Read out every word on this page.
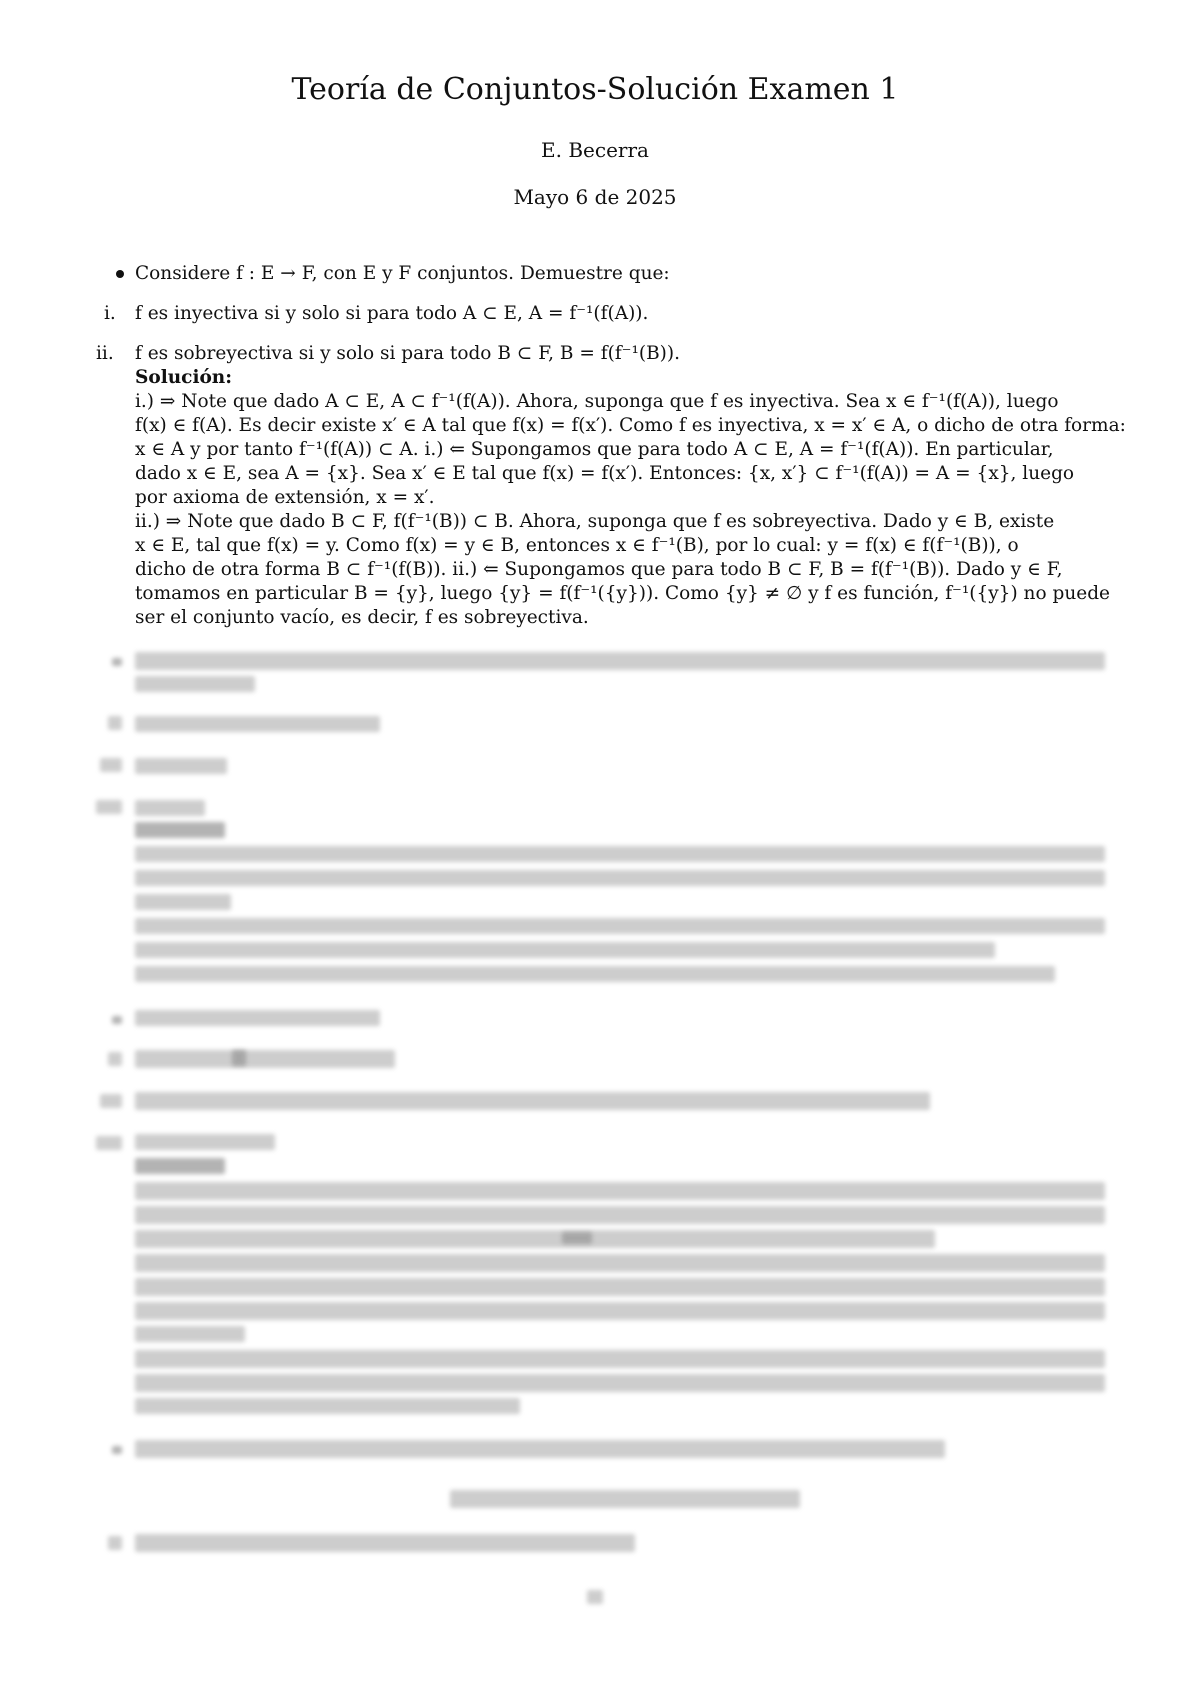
Teoría de Conjuntos-Solución Examen 1
E. Becerra
Mayo 6 de 2025
Considere f : E → F, con E y F conjuntos. Demuestre que:
i. f es inyectiva si y solo si para todo A ⊂ E, A = f⁻¹(f(A)).
ii. f es sobreyectiva si y solo si para todo B ⊂ F, B = f(f⁻¹(B)).
Solución:
i.) ⇒ Note que dado A ⊂ E, A ⊂ f⁻¹(f(A)). Ahora, suponga que f es inyectiva. Sea x ∈ f⁻¹(f(A)), luego
f(x) ∈ f(A). Es decir existe x′ ∈ A tal que f(x) = f(x′). Como f es inyectiva, x = x′ ∈ A, o dicho de otra forma:
x ∈ A y por tanto f⁻¹(f(A)) ⊂ A. i.) ⇐ Supongamos que para todo A ⊂ E, A = f⁻¹(f(A)). En particular,
dado x ∈ E, sea A = {x}. Sea x′ ∈ E tal que f(x) = f(x′). Entonces: {x, x′} ⊂ f⁻¹(f(A)) = A = {x}, luego
por axioma de extensión, x = x′.
ii.) ⇒ Note que dado B ⊂ F, f(f⁻¹(B)) ⊂ B. Ahora, suponga que f es sobreyectiva. Dado y ∈ B, existe
x ∈ E, tal que f(x) = y. Como f(x) = y ∈ B, entonces x ∈ f⁻¹(B), por lo cual: y = f(x) ∈ f(f⁻¹(B)), o
dicho de otra forma B ⊂ f⁻¹(f(B)). ii.) ⇐ Supongamos que para todo B ⊂ F, B = f(f⁻¹(B)). Dado y ∈ F,
tomamos en particular B = {y}, luego {y} = f(f⁻¹({y})). Como {y} ≠ ∅ y f es función, f⁻¹({y}) no puede
ser el conjunto vacío, es decir, f es sobreyectiva.
